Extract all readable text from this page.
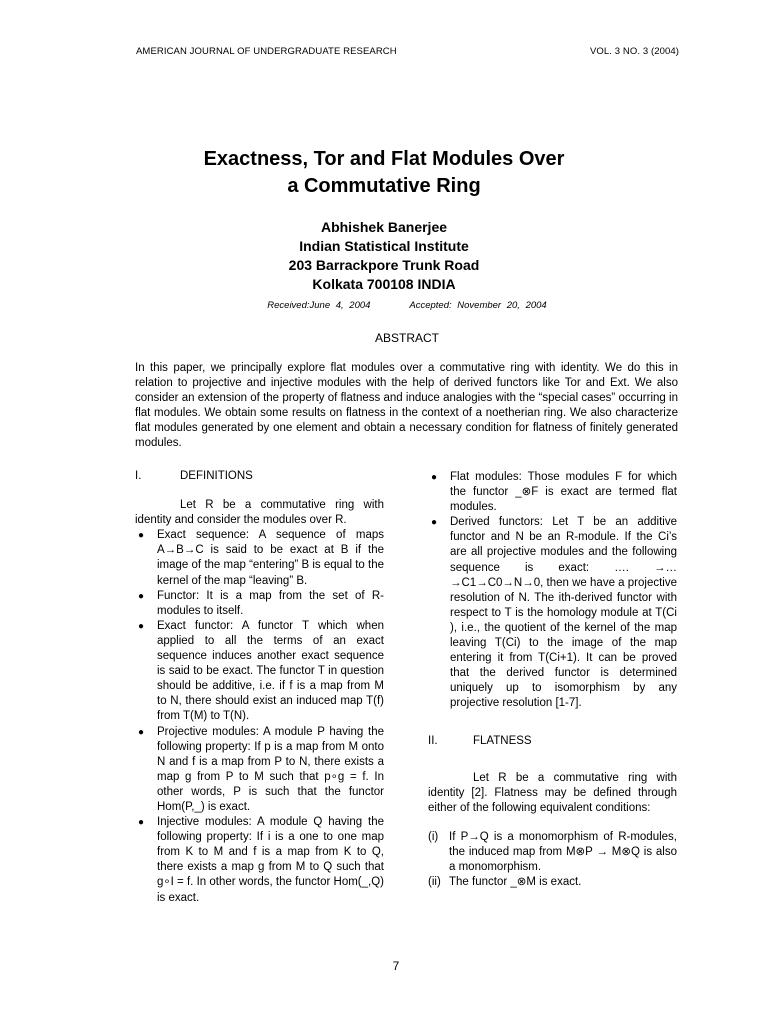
AMERICAN JOURNAL OF UNDERGRADUATE RESEARCH	VOL. 3 NO. 3 (2004)
Exactness, Tor and Flat Modules Over
a Commutative Ring
Abhishek Banerjee
Indian Statistical Institute
203 Barrackpore Trunk Road
Kolkata 700108 INDIA
Received:June 4, 2004	Accepted: November 20, 2004
ABSTRACT
In this paper, we principally explore flat modules over a commutative ring with identity. We do this in relation to projective and injective modules with the help of derived functors like Tor and Ext. We also consider an extension of the property of flatness and induce analogies with the “special cases” occurring in flat modules. We obtain some results on flatness in the context of a noetherian ring. We also characterize flat modules generated by one element and obtain a necessary condition for flatness of finitely generated modules.
I.	DEFINITIONS
Let R be a commutative ring with identity and consider the modules over R.
● Exact sequence: A sequence of maps A→B→C is said to be exact at B if the image of the map “entering” B is equal to the kernel of the map “leaving” B.
● Functor: It is a map from the set of R-modules to itself.
● Exact functor: A functor T which when applied to all the terms of an exact sequence induces another exact sequence is said to be exact. The functor T in question should be additive, i.e. if f is a map from M to N, there should exist an induced map T(f) from T(M) to T(N).
● Projective modules: A module P having the following property: If p is a map from M onto N and f is a map from P to N, there exists a map g from P to M such that p∘g = f. In other words, P is such that the functor Hom(P,_) is exact.
● Injective modules: A module Q having the following property: If i is a one to one map from K to M and f is a map from K to Q, there exists a map g from M to Q such that g∘I = f. In other words, the functor Hom(_,Q) is exact.
● Flat modules: Those modules F for which the functor _⊗F is exact are termed flat modules.
● Derived functors: Let T be an additive functor and N be an R-module. If the Ci’s are all projective modules and the following sequence is exact: …. →…→C1→C0→N→0, then we have a projective resolution of N. The ith-derived functor with respect to T is the homology module at T(Ci ), i.e., the quotient of the kernel of the map leaving T(Ci) to the image of the map entering it from T(Ci+1). It can be proved that the derived functor is determined uniquely up to isomorphism by any projective resolution [1-7].
II.	FLATNESS
Let R be a commutative ring with identity [2]. Flatness may be defined through either of the following equivalent conditions:
(i) If P→Q is a monomorphism of R-modules, the induced map from M⊗P → M⊗Q is also a monomorphism.
(ii) The functor _⊗M is exact.
7
